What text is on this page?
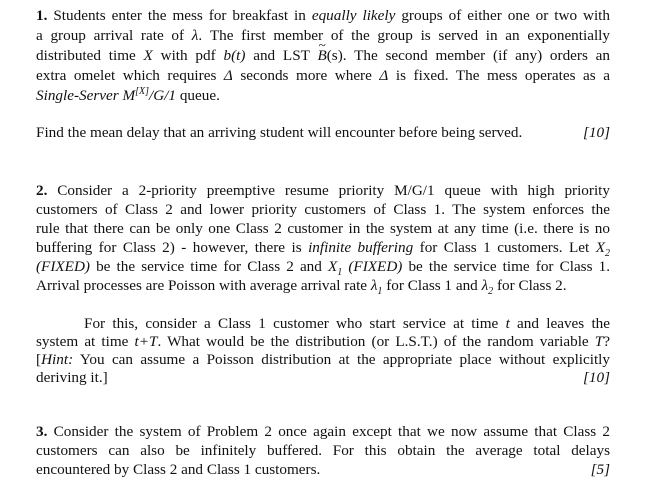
1. Students enter the mess for breakfast in equally likely groups of either one or two with
a group arrival rate of λ. The first member of the group is served in an exponentially
distributed time X with pdf b(t) and LST ~ B(s). The second member (if any) orders an
extra omelet which requires Δ seconds more where Δ is fixed. The mess operates as a
Single-Server M[X]/G/1 queue.
Find the mean delay that an arriving student will encounter before being served.	[10]
2. Consider a 2-priority preemptive resume priority M/G/1 queue with high priority
customers of Class 2 and lower priority customers of Class 1. The system enforces the
rule that there can be only one Class 2 customer in the system at any time (i.e. there is no
buffering for Class 2) - however, there is infinite buffering for Class 1 customers. Let $X_2$
(FIXED) be the service time for Class 2 and $X_1$ (FIXED) be the service time for Class 1.
Arrival processes are Poisson with average arrival rate $\lambda_1$ for Class 1 and $\lambda_2$ for Class 2.
For this, consider a Class 1 customer who start service at time t and leaves the
system at time t+T. What would be the distribution (or L.S.T.) of the random variable T?
[Hint: You can assume a Poisson distribution at the appropriate place without explicitly
deriving it.]	[10]
3. Consider the system of Problem 2 once again except that we now assume that Class 2
customers can also be infinitely buffered. For this obtain the average total delays
encountered by Class 2 and Class 1 customers.	[5]
